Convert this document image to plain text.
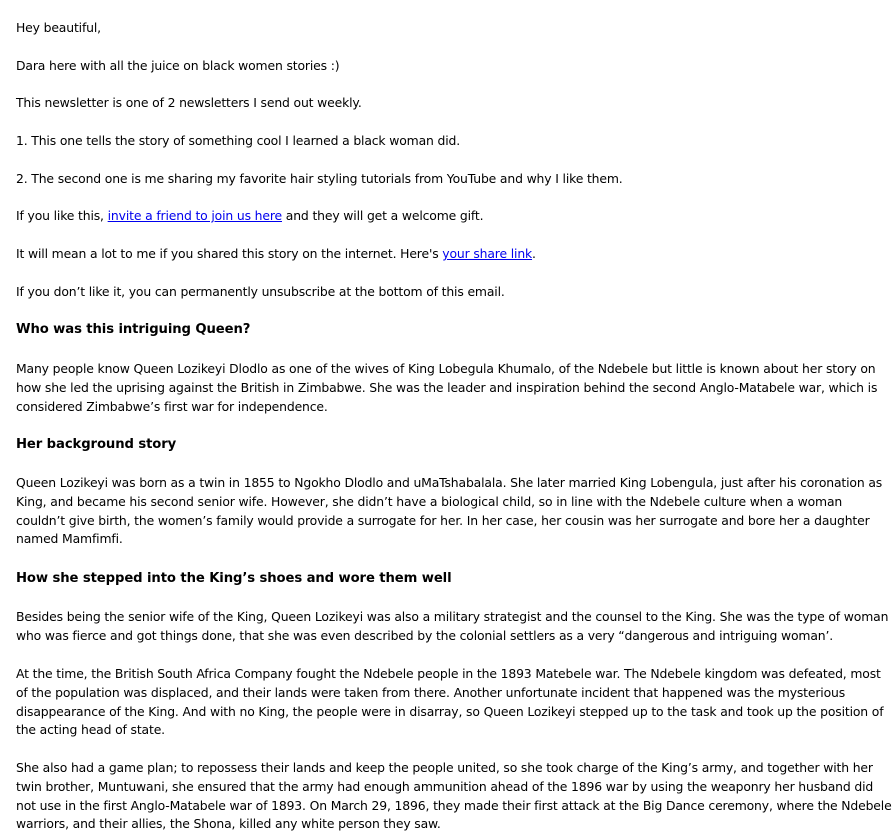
Hey beautiful,

Dara here with all the juice on black women stories :)

This newsletter is one of 2 newsletters I send out weekly.

1. This one tells the story of something cool I learned a black woman did.

2. The second one is me sharing my favorite hair styling tutorials from YouTube and why I like them.

If you like this, invite a friend to join us here and they will get a welcome gift.

It will mean a lot to me if you shared this story on the internet. Here's your share link.

If you don’t like it, you can permanently unsubscribe at the bottom of this email.

Who was this intriguing Queen?

Many people know Queen Lozikeyi Dlodlo as one of the wives of King Lobegula Khumalo, of the Ndebele but little is known about her story on
how she led the uprising against the British in Zimbabwe. She was the leader and inspiration behind the second Anglo-Matabele war, which is
considered Zimbabwe’s first war for independence.

Her background story

Queen Lozikeyi was born as a twin in 1855 to Ngokho Dlodlo and uMaTshabalala. She later married King Lobengula, just after his coronation as
King, and became his second senior wife. However, she didn’t have a biological child, so in line with the Ndebele culture when a woman
couldn’t give birth, the women’s family would provide a surrogate for her. In her case, her cousin was her surrogate and bore her a daughter
named Mamfimfi.

How she stepped into the King’s shoes and wore them well

Besides being the senior wife of the King, Queen Lozikeyi was also a military strategist and the counsel to the King. She was the type of woman
who was fierce and got things done, that she was even described by the colonial settlers as a very “dangerous and intriguing woman’.

At the time, the British South Africa Company fought the Ndebele people in the 1893 Matebele war. The Ndebele kingdom was defeated, most
of the population was displaced, and their lands were taken from there. Another unfortunate incident that happened was the mysterious
disappearance of the King. And with no King, the people were in disarray, so Queen Lozikeyi stepped up to the task and took up the position of
the acting head of state.

She also had a game plan; to repossess their lands and keep the people united, so she took charge of the King’s army, and together with her
twin brother, Muntuwani, she ensured that the army had enough ammunition ahead of the 1896 war by using the weaponry her husband did
not use in the first Anglo-Matabele war of 1893. On March 29, 1896, they made their first attack at the Big Dance ceremony, where the Ndebele
warriors, and their allies, the Shona, killed any white person they saw.
